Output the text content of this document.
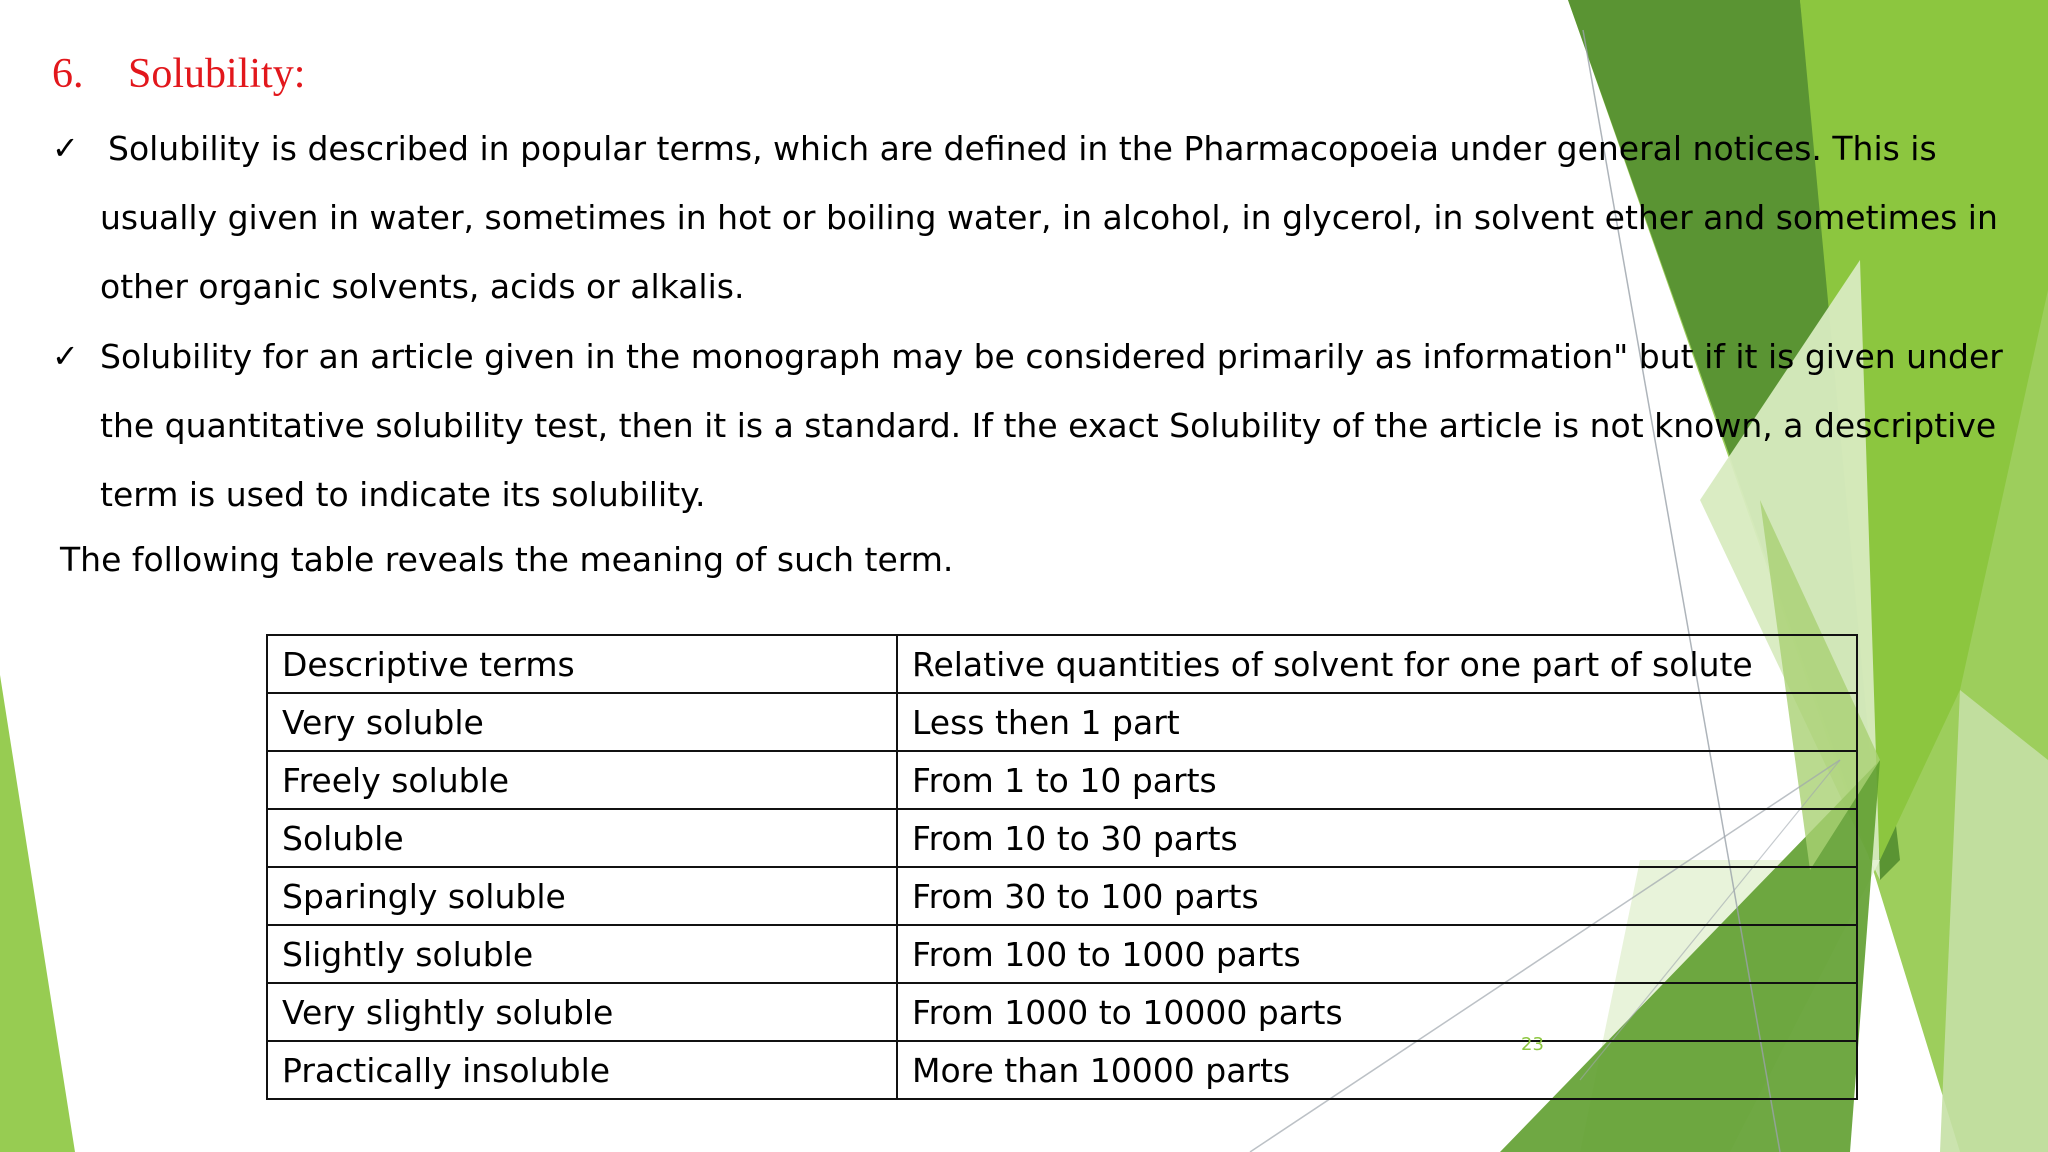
6. Solubility:
✓ Solubility is described in popular terms, which are defined in the Pharmacopoeia under general notices. This is
usually given in water, sometimes in hot or boiling water, in alcohol, in glycerol, in solvent ether and sometimes in
other organic solvents, acids or alkalis.
✓ Solubility for an article given in the monograph may be considered primarily as information" but if it is given under
the quantitative solubility test, then it is a standard. If the exact Solubility of the article is not known, a descriptive
term is used to indicate its solubility.
The following table reveals the meaning of such term.
Descriptive terms	Relative quantities of solvent for one part of solute
Very soluble	Less then 1 part
Freely soluble	From 1 to 10 parts
Soluble	From 10 to 30 parts
Sparingly soluble	From 30 to 100 parts
Slightly soluble	From 100 to 1000 parts
Very slightly soluble	From 1000 to 10000 parts
Practically insoluble	More than 10000 parts
23
